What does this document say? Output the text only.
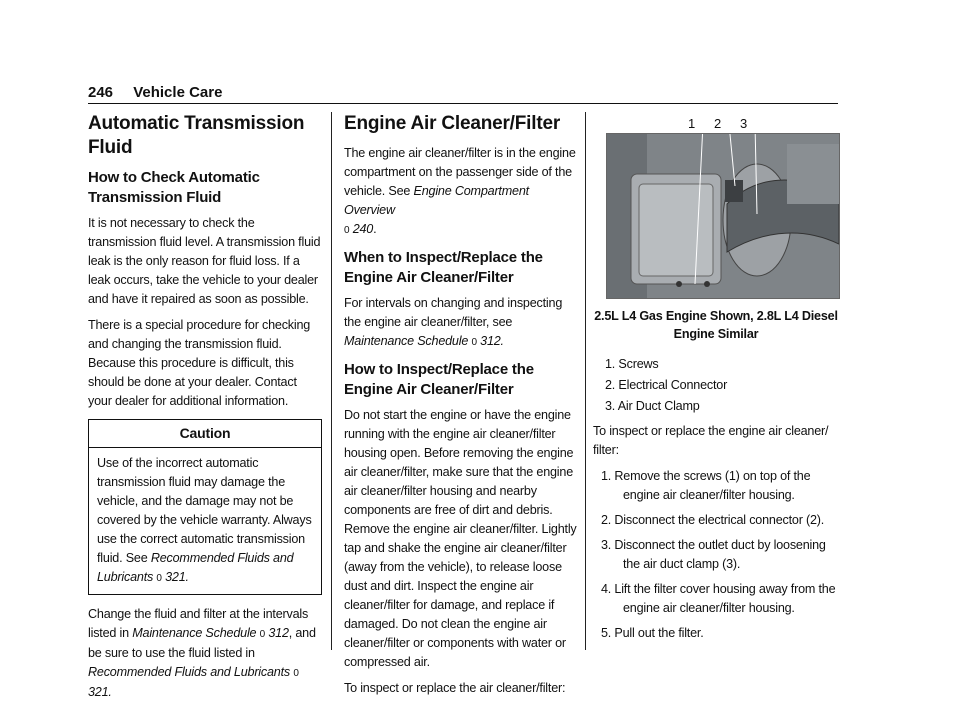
246 Vehicle Care
Automatic Transmission Fluid
How to Check Automatic Transmission Fluid

It is not necessary to check the transmission fluid level. A transmission fluid leak is the only reason for fluid loss. If a leak occurs, take the vehicle to your dealer and have it repaired as soon as possible.

There is a special procedure for checking and changing the transmission fluid. Because this procedure is difficult, this should be done at your dealer. Contact your dealer for additional information.

Caution
Use of the incorrect automatic transmission fluid may damage the vehicle, and the damage may not be covered by the vehicle warranty. Always use the correct automatic transmission fluid. See Recommended Fluids and Lubricants 0 321.

Change the fluid and filter at the intervals listed in Maintenance Schedule 0 312, and be sure to use the fluid listed in Recommended Fluids and Lubricants 0 321.

Engine Air Cleaner/Filter

The engine air cleaner/filter is in the engine compartment on the passenger side of the vehicle. See Engine Compartment Overview
0 240.

When to Inspect/Replace the Engine Air Cleaner/Filter

For intervals on changing and inspecting the engine air cleaner/filter, see Maintenance Schedule 0 312.

How to Inspect/Replace the Engine Air Cleaner/Filter

Do not start the engine or have the engine running with the engine air cleaner/filter housing open. Before removing the engine air cleaner/filter, make sure that the engine air cleaner/filter housing and nearby components are free of dirt and debris. Remove the engine air cleaner/filter. Lightly tap and shake the engine air cleaner/filter (away from the vehicle), to release loose dust and dirt. Inspect the engine air cleaner/filter for damage, and replace if damaged. Do not clean the engine air cleaner/filter or components with water or compressed air.

To inspect or replace the air cleaner/filter:

1 2 3
2.5L L4 Gas Engine Shown, 2.8L L4 Diesel Engine Similar
1. Screws
2. Electrical Connector
3. Air Duct Clamp

To inspect or replace the engine air cleaner/ filter:

1. Remove the screws (1) on top of the engine air cleaner/filter housing.
2. Disconnect the electrical connector (2).
3. Disconnect the outlet duct by loosening the air duct clamp (3).
4. Lift the filter cover housing away from the engine air cleaner/filter housing.
5. Pull out the filter.
